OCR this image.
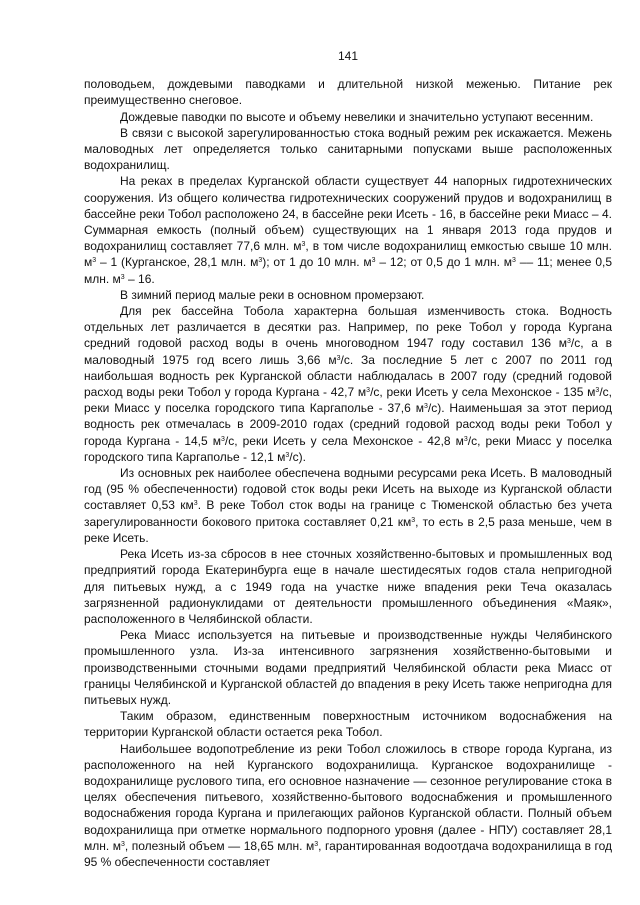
141

половодьем, дождевыми паводками и длительной низкой меженью. Питание рек преимущественно снеговое.

Дождевые паводки по высоте и объему невелики и значительно уступают весенним.

В связи с высокой зарегулированностью стока водный режим рек искажается. Межень маловодных лет определяется только санитарными попусками выше расположенных водохранилищ.

На реках в пределах Курганской области существует 44 напорных гидротехнических сооружения. Из общего количества гидротехнических сооружений прудов и водохранилищ в бассейне реки Тобол расположено 24, в бассейне реки Исеть - 16, в бассейне реки Миасс – 4. Суммарная емкость (полный объем) существующих на 1 января 2013 года прудов и водохранилищ составляет 77,6 млн. $м^3$, в том числе водохранилищ емкостью свыше 10 млн. $м^3 - 1$ (Курганское, 28,1 млн. $м^3$); от 1 до 10 млн. $м^3 - 12$; от 0,5 до 1 млн. $м^3 -- 11$; менее 0,5 млн. $м^3 - 16$.

В зимний период малые реки в основном промерзают.

Для рек бассейна Тобола характерна большая изменчивость стока. Водность отдельных лет различается в десятки раз. Например, по реке Тобол у города Кургана средний годовой расход воды в очень многоводном 1947 году составил 136 $м^3/с$, а в маловодный 1975 год всего лишь 3,66 $м^3/с$. За последние 5 лет с 2007 по 2011 год наибольшая водность рек Курганской области наблюдалась в 2007 году (средний годовой расход воды реки Тобол у города Кургана - 42,7 $м^3/с$, реки Исеть у села Мехонское - 135 $м^3/с$, реки Миасс у поселка городского типа Каргаполье - 37,6 $м^3/с$). Наименьшая за этот период водность рек отмечалась в 2009-2010 годах (средний годовой расход воды реки Тобол у города Кургана - 14,5 $м^3/с$, реки Исеть у села Мехонское - 42,8 $м^3/с$, реки Миасс у поселка городского типа Каргаполье - 12,1 $м^3/с$).

Из основных рек наиболее обеспечена водными ресурсами река Исеть. В маловодный год (95 % обеспеченности) годовой сток воды реки Исеть на выходе из Курганской области составляет 0,53 $км^3$. В реке Тобол сток воды на границе с Тюменской областью без учета зарегулированности бокового притока составляет 0,21 $км^3$, то есть в 2,5 раза меньше, чем в реке Исеть.

Река Исеть из-за сбросов в нее сточных хозяйственно-бытовых и промышленных вод предприятий города Екатеринбурга еще в начале шестидесятых годов стала непригодной для питьевых нужд, а с 1949 года на участке ниже впадения реки Теча оказалась загрязненной радионуклидами от деятельности промышленного объединения «Маяк», расположенного в Челябинской области.

Река Миасс используется на питьевые и производственные нужды Челябинского промышленного узла. Из-за интенсивного загрязнения хозяйственно-бытовыми и производственными сточными водами предприятий Челябинской области река Миасс от границы Челябинской и Курганской областей до впадения в реку Исеть также непригодна для питьевых нужд.

Таким образом, единственным поверхностным источником водоснабжения на территории Курганской области остается река Тобол.

Наибольшее водопотребление из реки Тобол сложилось в створе города Кургана, из расположенного на ней Курганского водохранилища. Курганское водохранилище - водохранилище руслового типа, его основное назначение –– сезонное регулирование стока в целях обеспечения питьевого, хозяйственно-бытового водоснабжения и промышленного водоснабжения города Кургана и прилегающих районов Курганской области. Полный объем водохранилища при отметке нормального подпорного уровня (далее - НПУ) составляет 28,1 млн. $м^3$, полезный объем — 18,65 млн. $м^3$, гарантированная водоотдача водохранилища в год 95 % обеспеченности составляет
